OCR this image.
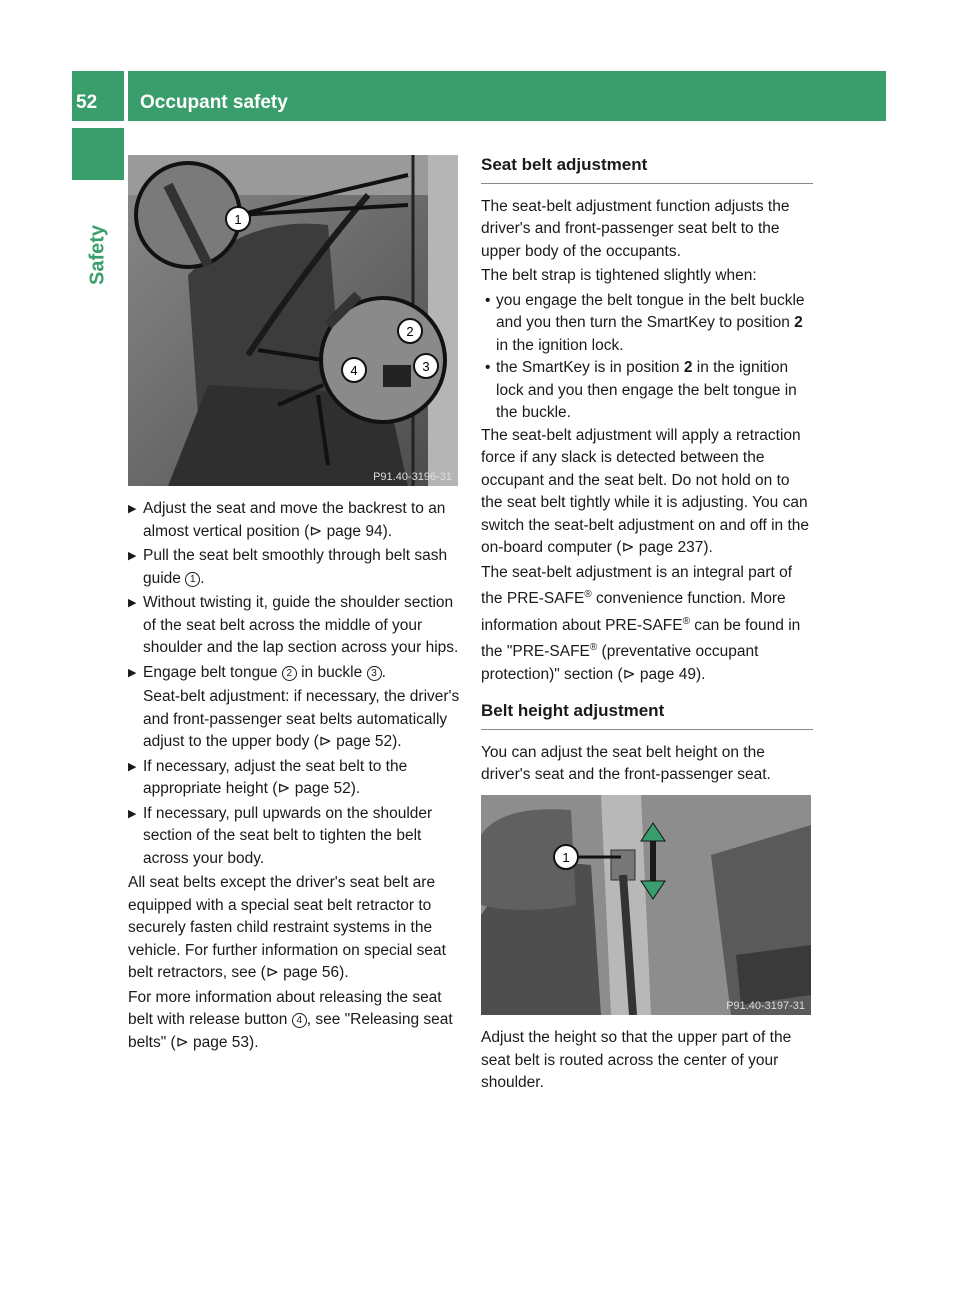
52 Occupant safety
Safety
1
2
3
4
P91.40-3196-31
▶ Adjust the seat and move the backrest to an almost vertical position (⊳ page 94).
▶ Pull the seat belt smoothly through belt sash guide 1 .
▶ Without twisting it, guide the shoulder section of the seat belt across the middle of your shoulder and the lap section across your hips.
▶ Engage belt tongue 2 in buckle 3 .
Seat-belt adjustment: if necessary, the driver's and front-passenger seat belts automatically adjust to the upper body (⊳ page 52).
▶ If necessary, adjust the seat belt to the appropriate height (⊳ page 52).
▶ If necessary, pull upwards on the shoulder section of the seat belt to tighten the belt across your body.

All seat belts except the driver's seat belt are equipped with a special seat belt retractor to securely fasten child restraint systems in the vehicle. For further information on special seat belt retractors, see (⊳ page 56).

For more information about releasing the seat belt with release button 4 , see "Releasing seat belts" (⊳ page 53).

Seat belt adjustment

The seat-belt adjustment function adjusts the driver's and front-passenger seat belt to the upper body of the occupants.

The belt strap is tightened slightly when:

• you engage the belt tongue in the belt buckle and you then turn the SmartKey to position 2 in the ignition lock.
• the SmartKey is in position 2 in the ignition lock and you then engage the belt tongue in the buckle.

The seat-belt adjustment will apply a retraction force if any slack is detected between the occupant and the seat belt. Do not hold on to the seat belt tightly while it is adjusting. You can switch the seat-belt adjustment on and off in the on-board computer (⊳ page 237).

The seat-belt adjustment is an integral part of the PRE-SAFE® convenience function. More information about PRE-SAFE® can be found in the "PRE-SAFE® (preventative occupant protection)" section (⊳ page 49).

Belt height adjustment

You can adjust the seat belt height on the driver's seat and the front-passenger seat.

1
P91.40-3197-31

Adjust the height so that the upper part of the seat belt is routed across the center of your shoulder.
